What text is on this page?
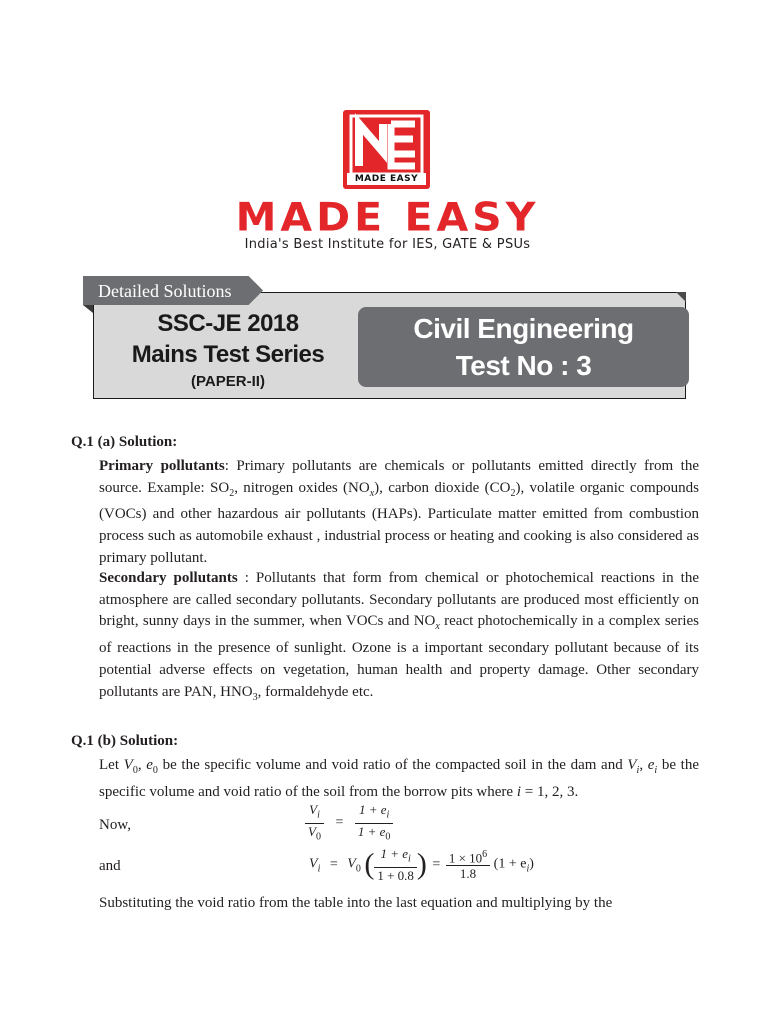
MADE EASY
MADE EASY
India's Best Institute for IES, GATE & PSUs
Detailed Solutions
SSC-JE 2018
Mains Test Series
(PAPER-II)
Civil Engineering
Test No : 3
Q.1 (a) Solution:
Primary pollutants: Primary pollutants are chemicals or pollutants emitted directly from the source. Example: $SO_2$, nitrogen oxides $(NO_x)$, carbon dioxide $(CO_2)$, volatile organic compounds (VOCs) and other hazardous air pollutants (HAPs). Particulate matter emitted from combustion process such as automobile exhaust , industrial process or heating and cooking is also considered as primary pollutant.
Secondary pollutants : Pollutants that form from chemical or photochemical reactions in the atmosphere are called secondary pollutants. Secondary pollutants are produced most efficiently on bright, sunny days in the summer, when VOCs and $NO_x$ react photochemically in a complex series of reactions in the presence of sunlight. Ozone is a important secondary pollutant because of its potential adverse effects on vegetation, human health and property damage. Other secondary pollutants are PAN, $HNO_3$, formaldehyde etc.
Q.1 (b) Solution:
Let $V_0$, $e_0$ be the specific volume and void ratio of the compacted soil in the dam and $V_i$, $e_i$ be the specific volume and void ratio of the soil from the borrow pits where i = 1, 2, 3.
Now,	$\frac{V_i}{V_0} = \frac{1 + e_i}{1 + e_0}$
and	$V_i = V_0$ ( $\frac{1 + e_i}{1 + 0.8}$ ) = $\frac{1 \times 10^6}{1.8} (1 + e_i)$
Substituting the void ratio from the table into the last equation and multiplying by the
